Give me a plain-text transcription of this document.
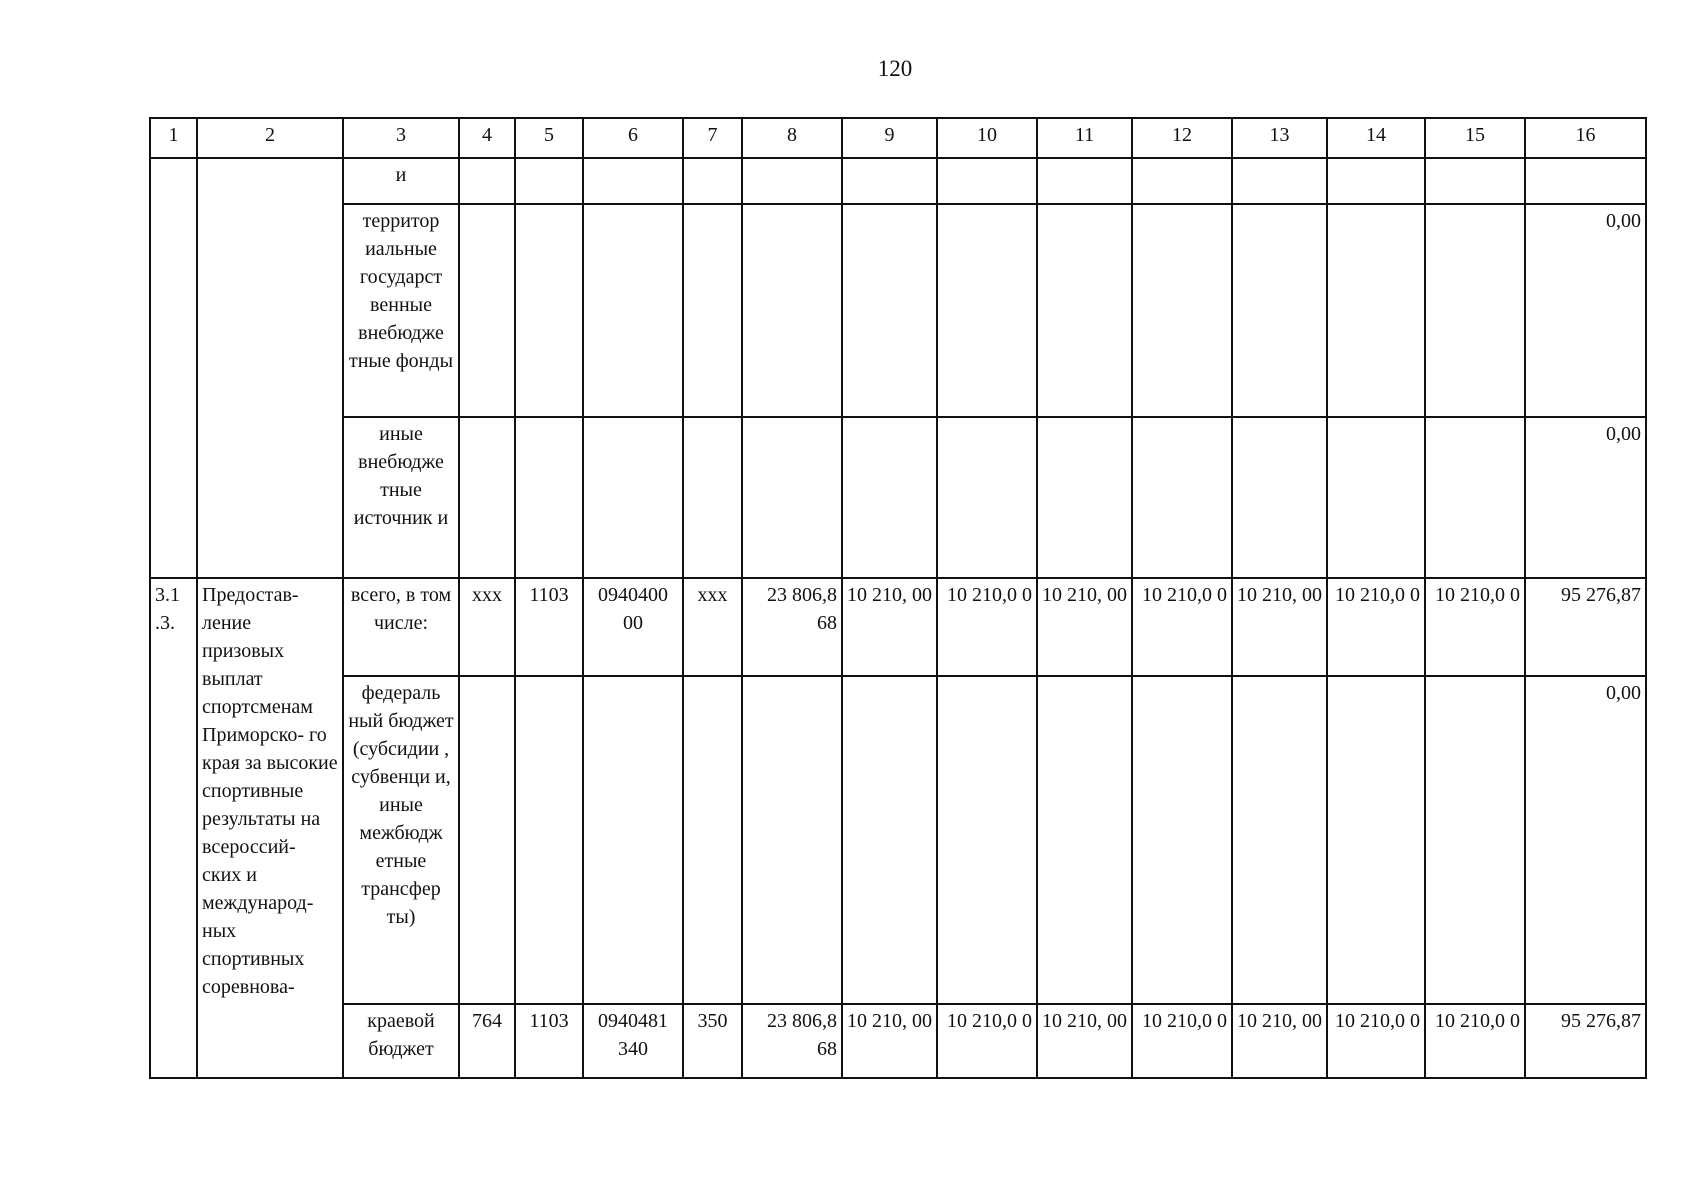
120
1	2	3	4	5	6	7	8	9	10	11	12	13	14	15	16
		и													
		территор иальные государст венные внебюдже тные фонды													0,00
		иные внебюдже тные источник и													0,00
3.1 .3.	Предостав- ление призовых выплат спортсменам Приморско- го края за высокие спортивные результаты на всероссий- ских и международ- ных спортивных соревнова-	всего, в том числе:	ххх	1103	0940400 00	ххх	23 806,8 68	10 210, 00	10 210,0 0	10 210, 00	10 210,0 0	10 210, 00	10 210,0 0	10 210,0 0	95 276,87
		федераль ный бюджет (субсидии , субвенци и, иные межбюдж етные трансфер ты)													0,00
		краевой бюджет	764	1103	0940481 340	350	23 806,8 68	10 210, 00	10 210,0 0	10 210, 00	10 210,0 0	10 210, 00	10 210,0 0	10 210,0 0	95 276,87
